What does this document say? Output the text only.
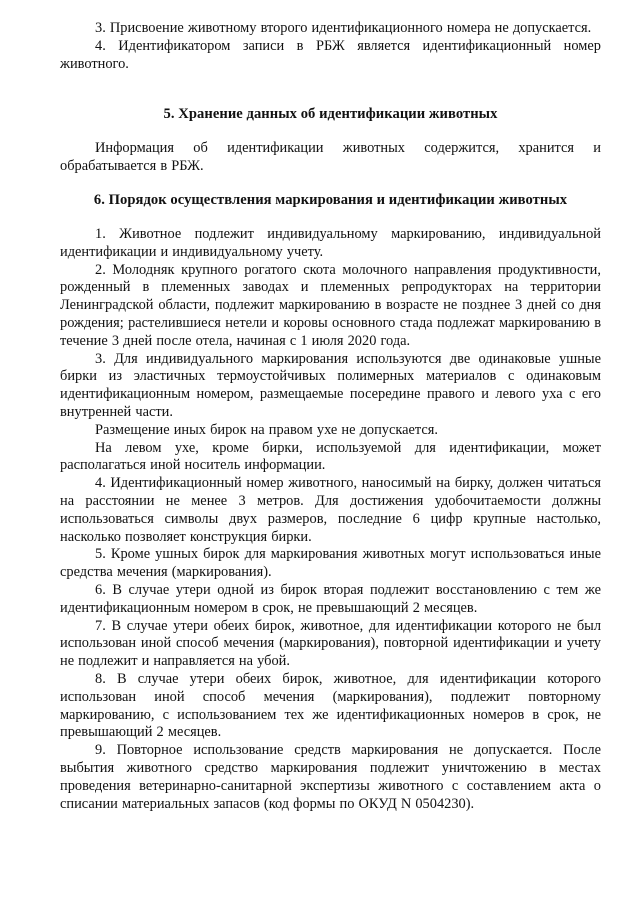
3. Присвоение животному второго идентификационного номера не допускается.

4. Идентификатором записи в РБЖ является идентификационный номер животного.

5. Хранение данных об идентификации животных

Информация об идентификации животных содержится, хранится и обрабатывается в РБЖ.

6. Порядок осуществления маркирования и идентификации животных

1. Животное подлежит индивидуальному маркированию, индивидуальной идентификации и индивидуальному учету.

2. Молодняк крупного рогатого скота молочного направления продуктивности, рожденный в племенных заводах и племенных репродукторах на территории Ленинградской области, подлежит маркированию в возрасте не позднее 3 дней со дня рождения; растелившиеся нетели и коровы основного стада подлежат маркированию в течение 3 дней после отела, начиная с 1 июля 2020 года.

3. Для индивидуального маркирования используются две одинаковые ушные бирки из эластичных термоустойчивых полимерных материалов с одинаковым идентификационным номером, размещаемые посередине правого и левого уха с его внутренней части.

Размещение иных бирок на правом ухе не допускается.

На левом ухе, кроме бирки, используемой для идентификации, может располагаться иной носитель информации.

4. Идентификационный номер животного, наносимый на бирку, должен читаться на расстоянии не менее 3 метров. Для достижения удобочитаемости должны использоваться символы двух размеров, последние 6 цифр крупные настолько, насколько позволяет конструкция бирки.

5. Кроме ушных бирок для маркирования животных могут использоваться иные средства мечения (маркирования).

6. В случае утери одной из бирок вторая подлежит восстановлению с тем же идентификационным номером в срок, не превышающий 2 месяцев.

7. В случае утери обеих бирок, животное, для идентификации которого не был использован иной способ мечения (маркирования), повторной идентификации и учету не подлежит и направляется на убой.

8. В случае утери обеих бирок, животное, для идентификации которого использован иной способ мечения (маркирования), подлежит повторному маркированию, с использованием тех же идентификационных номеров в срок, не превышающий 2 месяцев.

9. Повторное использование средств маркирования не допускается. После выбытия животного средство маркирования подлежит уничтожению в местах проведения ветеринарно-санитарной экспертизы животного с составлением акта о списании материальных запасов (код формы по ОКУД N 0504230).
